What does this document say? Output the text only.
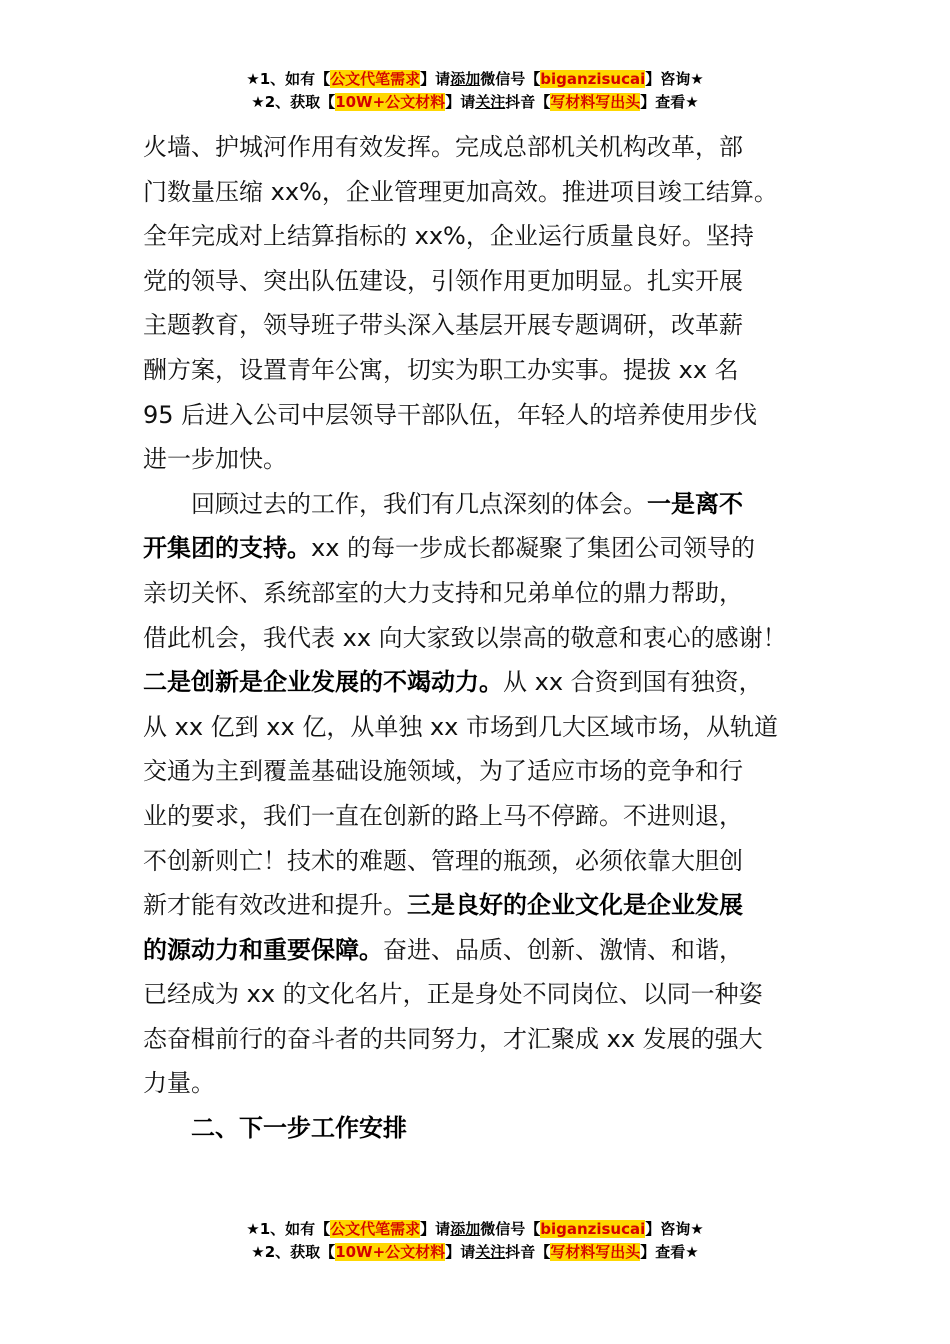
★1、如有【公文代笔需求】请添加微信号【biganzisucai】咨询★
★2、获取【10W+公文材料】请关注抖音【写材料写出头】查看★

火墙、护城河作用有效发挥。完成总部机关机构改革，部

门数量压缩 xx%，企业管理更加高效。推进项目竣工结算。

全年完成对上结算指标的 xx%，企业运行质量良好。坚持

党的领导、突出队伍建设，引领作用更加明显。扎实开展

主题教育，领导班子带头深入基层开展专题调研，改革薪

酬方案，设置青年公寓，切实为职工办实事。提拔 xx 名

95 后进入公司中层领导干部队伍，年轻人的培养使用步伐

进一步加快。

回顾过去的工作，我们有几点深刻的体会。一是离不

开集团的支持。xx 的每一步成长都凝聚了集团公司领导的

亲切关怀、系统部室的大力支持和兄弟单位的鼎力帮助，

借此机会，我代表 xx 向大家致以崇高的敬意和衷心的感谢！

二是创新是企业发展的不竭动力。从 xx 合资到国有独资，

从 xx 亿到 xx 亿，从单独 xx 市场到几大区域市场，从轨道

交通为主到覆盖基础设施领域，为了适应市场的竞争和行

业的要求，我们一直在创新的路上马不停蹄。不进则退，

不创新则亡！技术的难题、管理的瓶颈，必须依靠大胆创

新才能有效改进和提升。三是良好的企业文化是企业发展

的源动力和重要保障。奋进、品质、创新、激情、和谐，

已经成为 xx 的文化名片，正是身处不同岗位、以同一种姿

态奋楫前行的奋斗者的共同努力，才汇聚成 xx 发展的强大

力量。

二、下一步工作安排

★1、如有【公文代笔需求】请添加微信号【biganzisucai】咨询★
★2、获取【10W+公文材料】请关注抖音【写材料写出头】查看★
